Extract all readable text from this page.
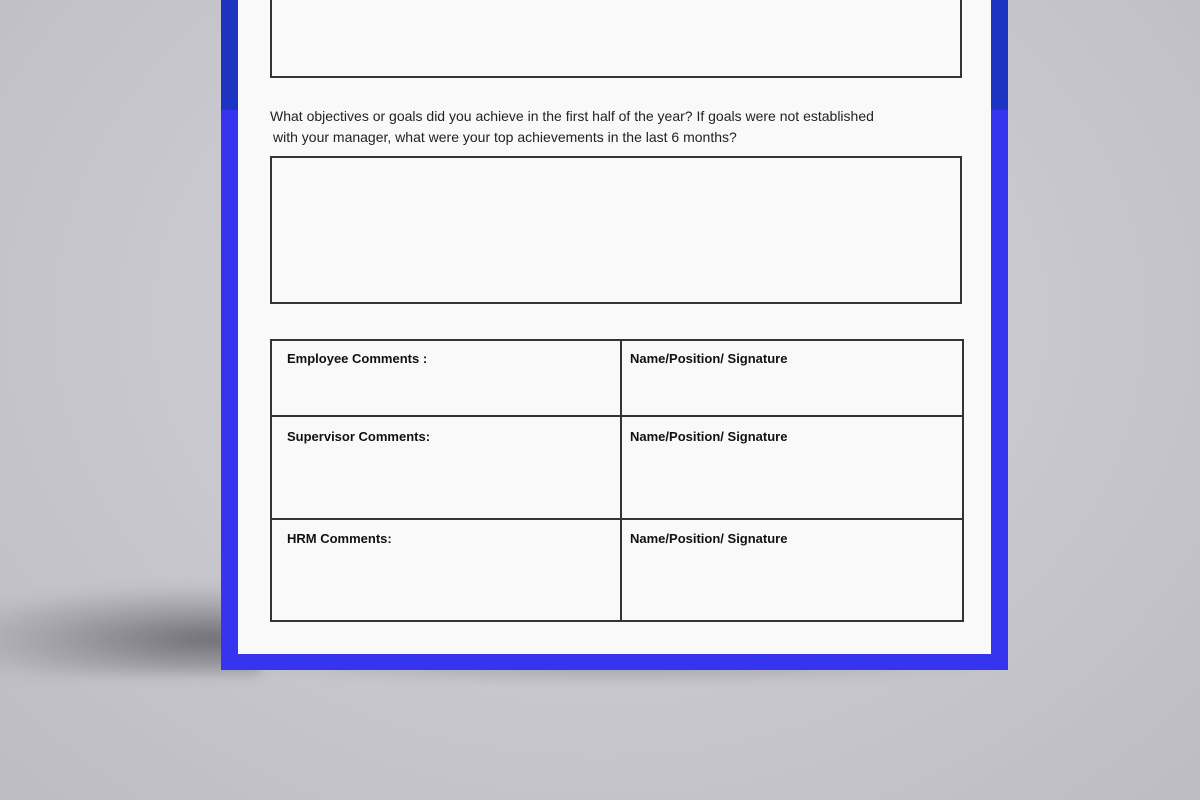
What objectives or goals did you achieve in the first half of the year? If goals were not established
with your manager, what were your top achievements in the last 6 months?

Employee Comments :	Name/Position/ Signature

Supervisor Comments:	Name/Position/ Signature

HRM Comments:	Name/Position/ Signature
